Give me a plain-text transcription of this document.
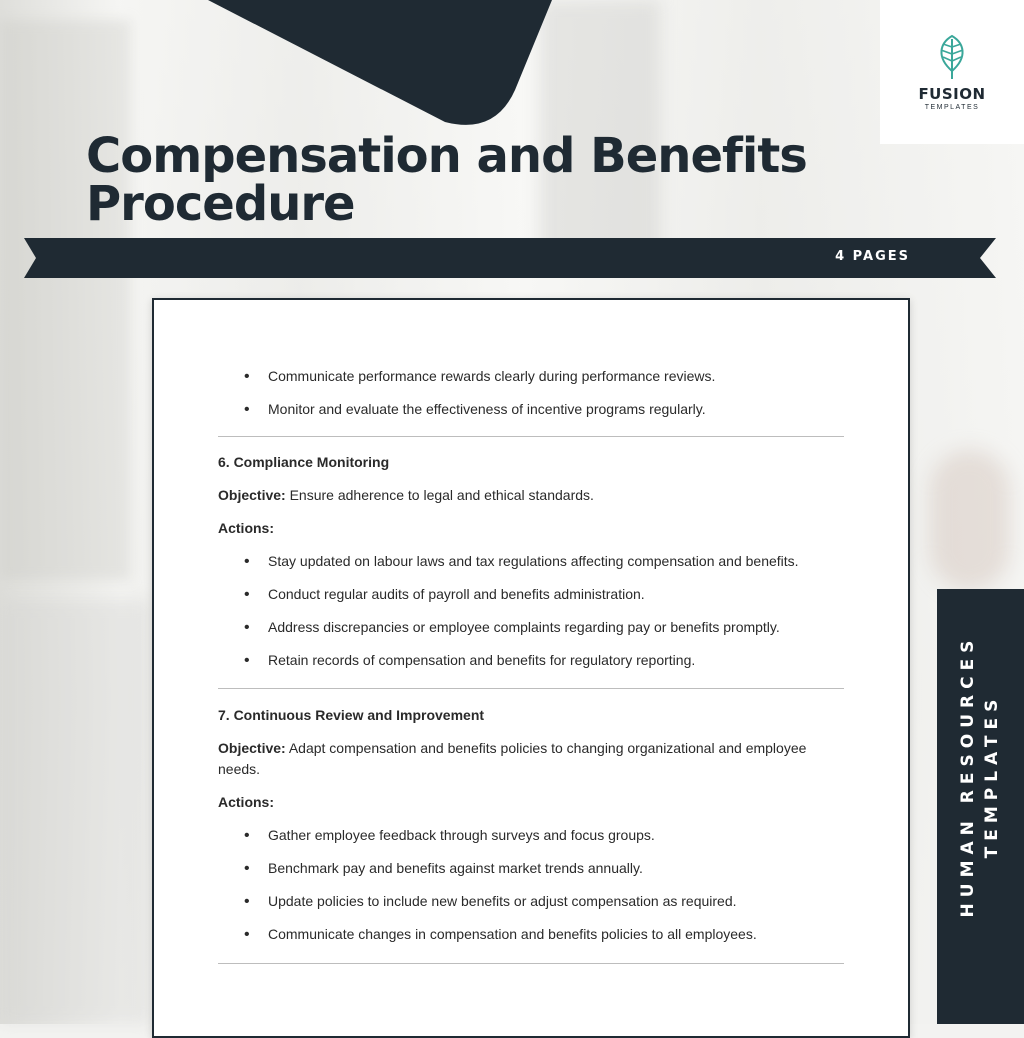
FUSION
TEMPLATES
Compensation and Benefits
Procedure
4 PAGES
HUMAN RESOURCES TEMPLATES
• Communicate performance rewards clearly during performance reviews.
• Monitor and evaluate the effectiveness of incentive programs regularly.
6. Compliance Monitoring
Objective: Ensure adherence to legal and ethical standards.
Actions:
• Stay updated on labour laws and tax regulations affecting compensation and benefits.
• Conduct regular audits of payroll and benefits administration.
• Address discrepancies or employee complaints regarding pay or benefits promptly.
• Retain records of compensation and benefits for regulatory reporting.
7. Continuous Review and Improvement
Objective: Adapt compensation and benefits policies to changing organizational and employee needs.
Actions:
• Gather employee feedback through surveys and focus groups.
• Benchmark pay and benefits against market trends annually.
• Update policies to include new benefits or adjust compensation as required.
• Communicate changes in compensation and benefits policies to all employees.
